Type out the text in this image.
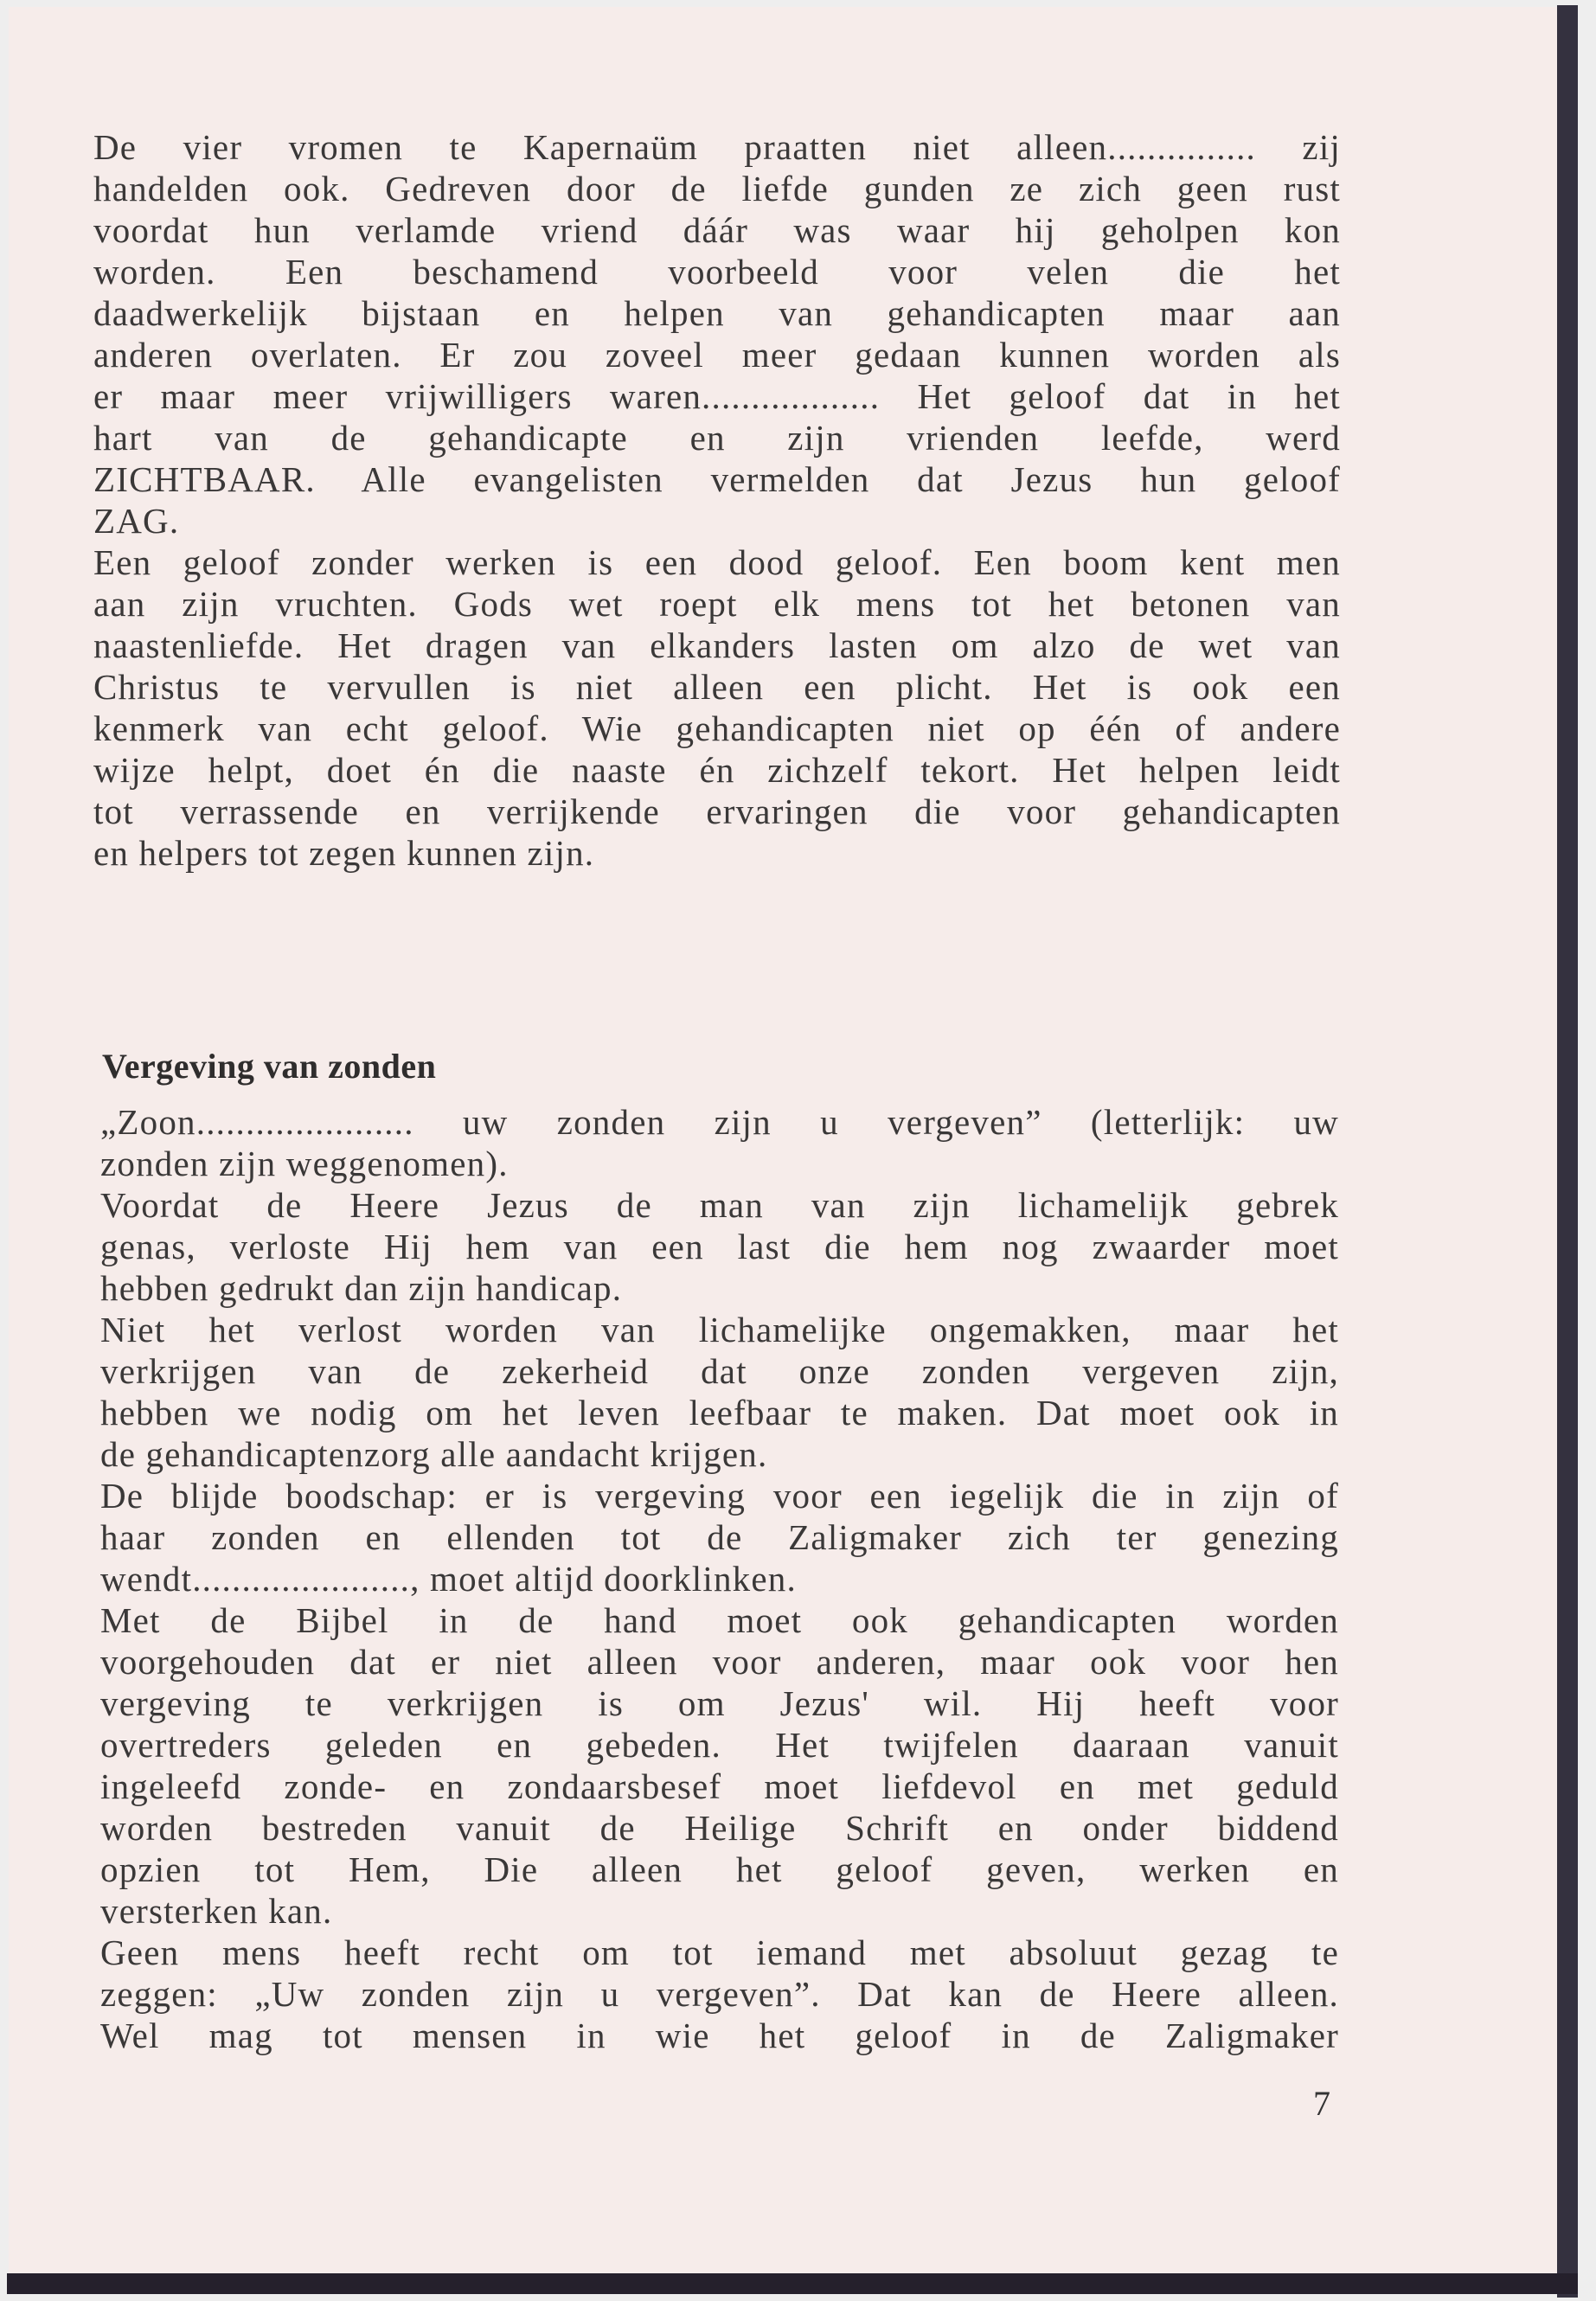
De vier vromen te Kapernaüm praatten niet alleen............... zij
handelden ook. Gedreven door de liefde gunden ze zich geen rust
voordat hun verlamde vriend dáár was waar hij geholpen kon
worden. Een beschamend voorbeeld voor velen die het
daadwerkelijk bijstaan en helpen van gehandicapten maar aan
anderen overlaten. Er zou zoveel meer gedaan kunnen worden als
er maar meer vrijwilligers waren.................. Het geloof dat in het
hart van de gehandicapte en zijn vrienden leefde, werd
ZICHTBAAR. Alle evangelisten vermelden dat Jezus hun geloof
ZAG.
Een geloof zonder werken is een dood geloof. Een boom kent men
aan zijn vruchten. Gods wet roept elk mens tot het betonen van
naastenliefde. Het dragen van elkanders lasten om alzo de wet van
Christus te vervullen is niet alleen een plicht. Het is ook een
kenmerk van echt geloof. Wie gehandicapten niet op één of andere
wijze helpt, doet én die naaste én zichzelf tekort. Het helpen leidt
tot verrassende en verrijkende ervaringen die voor gehandicapten
en helpers tot zegen kunnen zijn.
Vergeving van zonden
„Zoon...................... uw zonden zijn u vergeven” (letterlijk: uw
zonden zijn weggenomen).
Voordat de Heere Jezus de man van zijn lichamelijk gebrek
genas, verloste Hij hem van een last die hem nog zwaarder moet
hebben gedrukt dan zijn handicap.
Niet het verlost worden van lichamelijke ongemakken, maar het
verkrijgen van de zekerheid dat onze zonden vergeven zijn,
hebben we nodig om het leven leefbaar te maken. Dat moet ook in
de gehandicaptenzorg alle aandacht krijgen.
De blijde boodschap: er is vergeving voor een iegelijk die in zijn of
haar zonden en ellenden tot de Zaligmaker zich ter genezing
wendt......................, moet altijd doorklinken.
Met de Bijbel in de hand moet ook gehandicapten worden
voorgehouden dat er niet alleen voor anderen, maar ook voor hen
vergeving te verkrijgen is om Jezus' wil. Hij heeft voor
overtreders geleden en gebeden. Het twijfelen daaraan vanuit
ingeleefd zonde- en zondaarsbesef moet liefdevol en met geduld
worden bestreden vanuit de Heilige Schrift en onder biddend
opzien tot Hem, Die alleen het geloof geven, werken en
versterken kan.
Geen mens heeft recht om tot iemand met absoluut gezag te
zeggen: „Uw zonden zijn u vergeven”. Dat kan de Heere alleen.
Wel mag tot mensen in wie het geloof in de Zaligmaker
7
